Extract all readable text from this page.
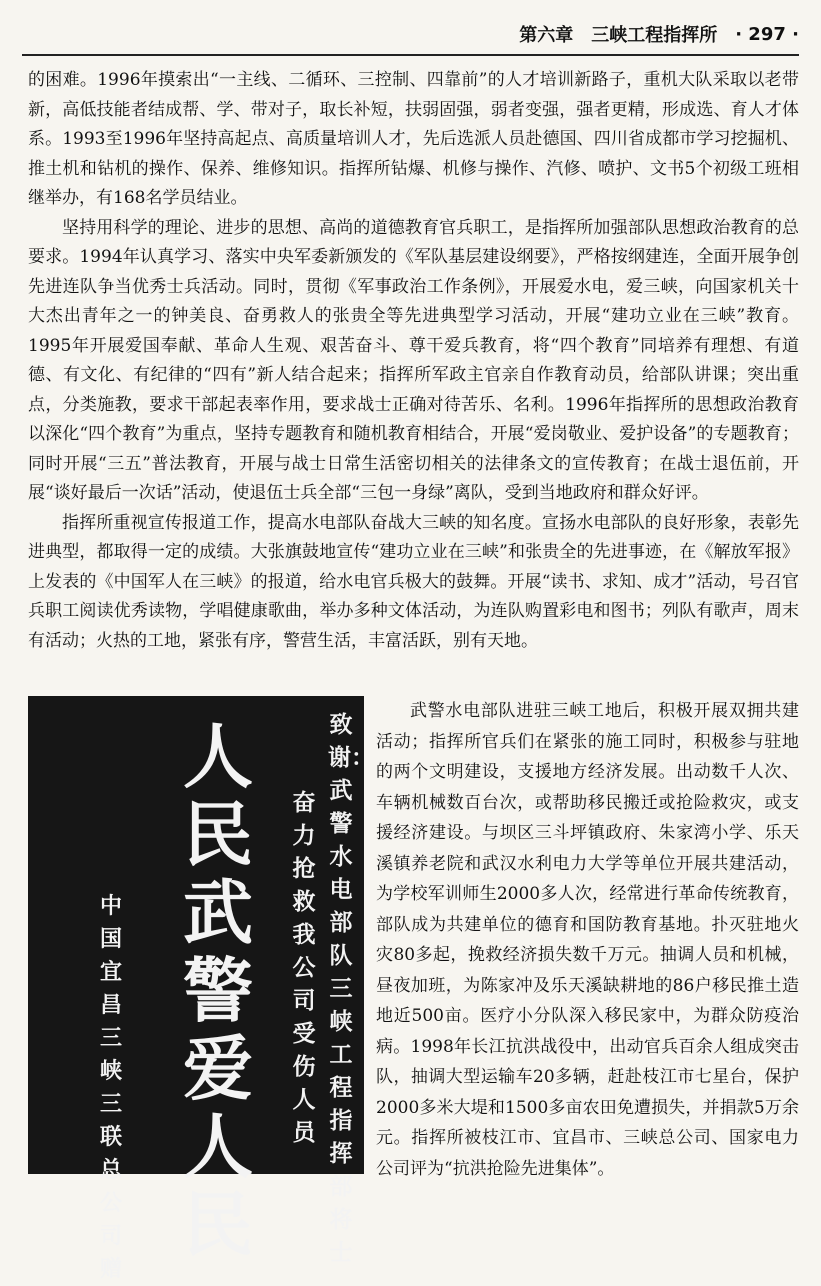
第六章 三峡工程指挥所 · 297 ·

的困难。1996年摸索出“一主线、二循环、三控制、四靠前”的人才培训新路子，重机大队采取以老带新，高低技能者结成帮、学、带对子，取长补短，扶弱固强，弱者变强，强者更精，形成选、育人才体系。1993至1996年坚持高起点、高质量培训人才，先后选派人员赴德国、四川省成都市学习挖掘机、推土机和钻机的操作、保养、维修知识。指挥所钻爆、机修与操作、汽修、喷护、文书5个初级工班相继举办，有168名学员结业。

坚持用科学的理论、进步的思想、高尚的道德教育官兵职工，是指挥所加强部队思想政治教育的总要求。1994年认真学习、落实中央军委新颁发的《军队基层建设纲要》，严格按纲建连，全面开展争创先进连队争当优秀士兵活动。同时，贯彻《军事政治工作条例》，开展爱水电，爱三峡，向国家机关十大杰出青年之一的钟美良、奋勇救人的张贵全等先进典型学习活动，开展“建功立业在三峡”教育。1995年开展爱国奉献、革命人生观、艰苦奋斗、尊干爱兵教育，将“四个教育”同培养有理想、有道德、有文化、有纪律的“四有”新人结合起来；指挥所军政主官亲自作教育动员，给部队讲课；突出重点，分类施教，要求干部起表率作用，要求战士正确对待苦乐、名利。1996年指挥所的思想政治教育以深化“四个教育”为重点，坚持专题教育和随机教育相结合，开展“爱岗敬业、爱护设备”的专题教育；同时开展“三五”普法教育，开展与战士日常生活密切相关的法律条文的宣传教育；在战士退伍前，开展“谈好最后一次话”活动，使退伍士兵全部“三包一身绿”离队，受到当地政府和群众好评。

指挥所重视宣传报道工作，提高水电部队奋战大三峡的知名度。宣扬水电部队的良好形象，表彰先进典型，都取得一定的成绩。大张旗鼓地宣传“建功立业在三峡”和张贵全的先进事迹，在《解放军报》上发表的《中国军人在三峡》的报道，给水电官兵极大的鼓舞。开展“读书、求知、成才”活动，号召官兵职工阅读优秀读物，学唱健康歌曲，举办多种文体活动，为连队购置彩电和图书；列队有歌声，周末有活动；火热的工地，紧张有序，警营生活，丰富活跃，别有天地。

人民武警爱人民
致谢：武警水电部队三峡工程指挥部将士
奋力抢救我公司受伤人员
中国宜昌三峡三联总公司赠

武警水电部队进驻三峡工地后，积极开展双拥共建活动；指挥所官兵们在紧张的施工同时，积极参与驻地的两个文明建设，支援地方经济发展。出动数千人次、车辆机械数百台次，或帮助移民搬迁或抢险救灾，或支援经济建设。与坝区三斗坪镇政府、朱家湾小学、乐天溪镇养老院和武汉水利电力大学等单位开展共建活动，为学校军训师生2000多人次，经常进行革命传统教育，部队成为共建单位的德育和国防教育基地。扑灭驻地火灾80多起，挽救经济损失数千万元。抽调人员和机械，昼夜加班，为陈家冲及乐天溪缺耕地的86户移民推土造地近500亩。医疗小分队深入移民家中，为群众防疫治病。1998年长江抗洪战役中，出动官兵百余人组成突击队，抽调大型运输车20多辆，赶赴枝江市七星台，保护2000多米大堤和1500多亩农田免遭损失，并捐款5万余元。指挥所被枝江市、宜昌市、三峡总公司、国家电力公司评为“抗洪抢险先进集体”。
